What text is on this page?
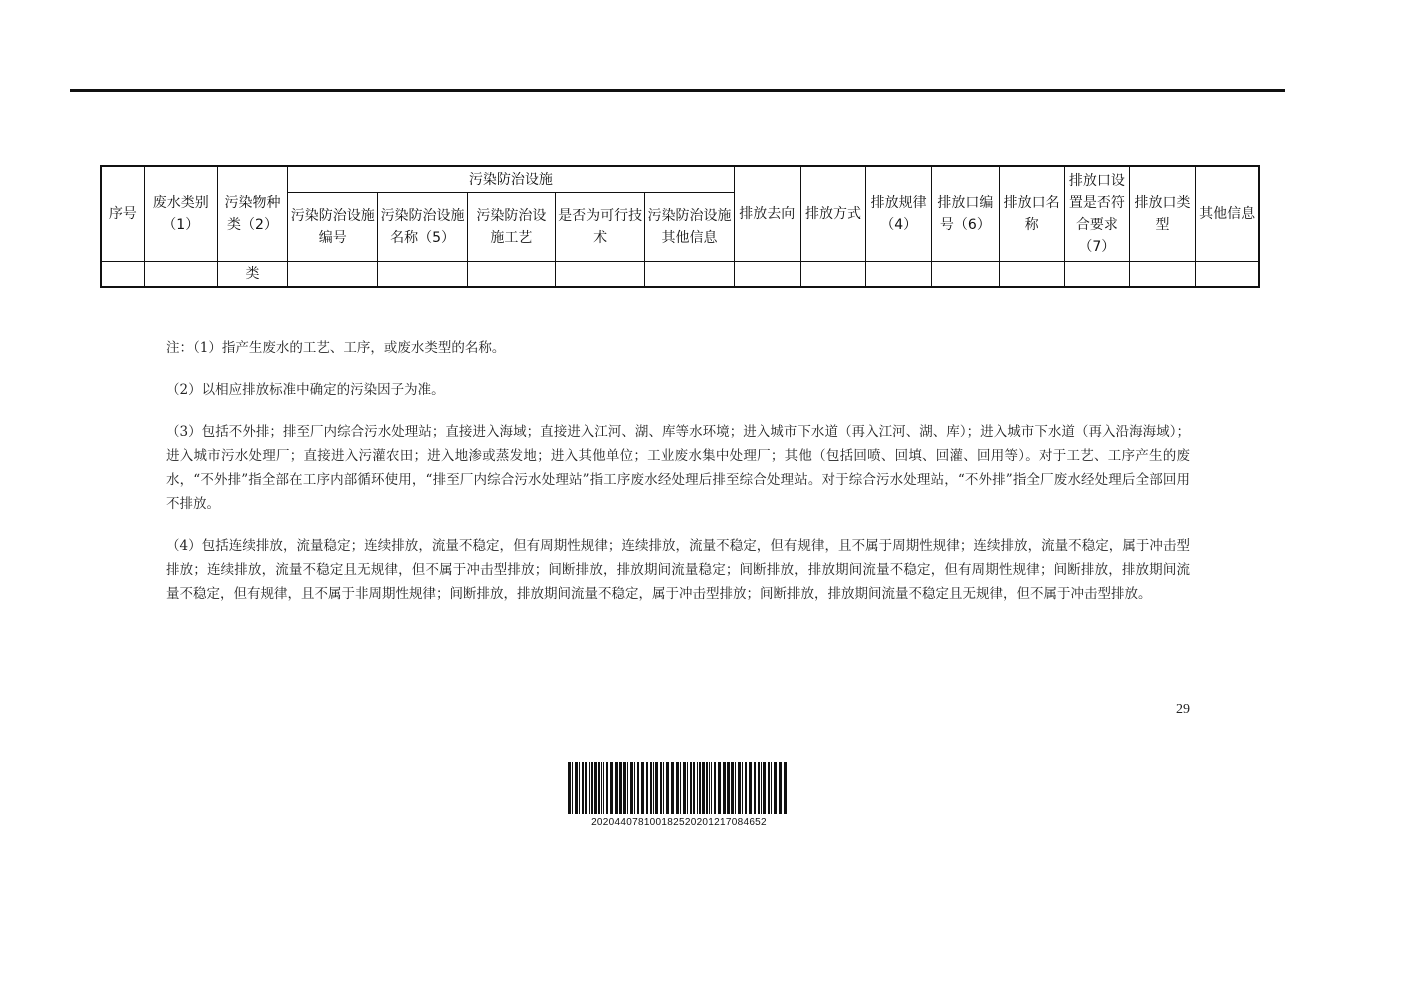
序号	废水类别（1）	污染物种类（2）	污染防治设施					排放去向	排放方式	排放规律（4）	排放口编号（6）	排放口名称	排放口设置是否符合要求（7）	排放口类型	其他信息
			污染防治设施编号	污染防治设施名称（5）	污染防治设施工艺	是否为可行技术	污染防治设施其他信息								
		类													

注：（1）指产生废水的工艺、工序，或废水类型的名称。

（2）以相应排放标准中确定的污染因子为准。

（3）包括不外排；排至厂内综合污水处理站；直接进入海域；直接进入江河、湖、库等水环境；进入城市下水道（再入江河、湖、库）；进入城市下水道（再入沿海海域）；进入城市污水处理厂；直接进入污灌农田；进入地渗或蒸发地；进入其他单位；工业废水集中处理厂；其他（包括回喷、回填、回灌、回用等）。对于工艺、工序产生的废水，“不外排”指全部在工序内部循环使用，“排至厂内综合污水处理站”指工序废水经处理后排至综合处理站。对于综合污水处理站，“不外排”指全厂废水经处理后全部回用不排放。

（4）包括连续排放，流量稳定；连续排放，流量不稳定，但有周期性规律；连续排放，流量不稳定，但有规律，且不属于周期性规律；连续排放，流量不稳定，属于冲击型排放；连续排放，流量不稳定且无规律，但不属于冲击型排放；间断排放，排放期间流量稳定；间断排放，排放期间流量不稳定，但有周期性规律；间断排放，排放期间流量不稳定，但有规律，且不属于非周期性规律；间断排放，排放期间流量不稳定，属于冲击型排放；间断排放，排放期间流量不稳定且无规律，但不属于冲击型排放。

29
20204407810018252020121708465​2
